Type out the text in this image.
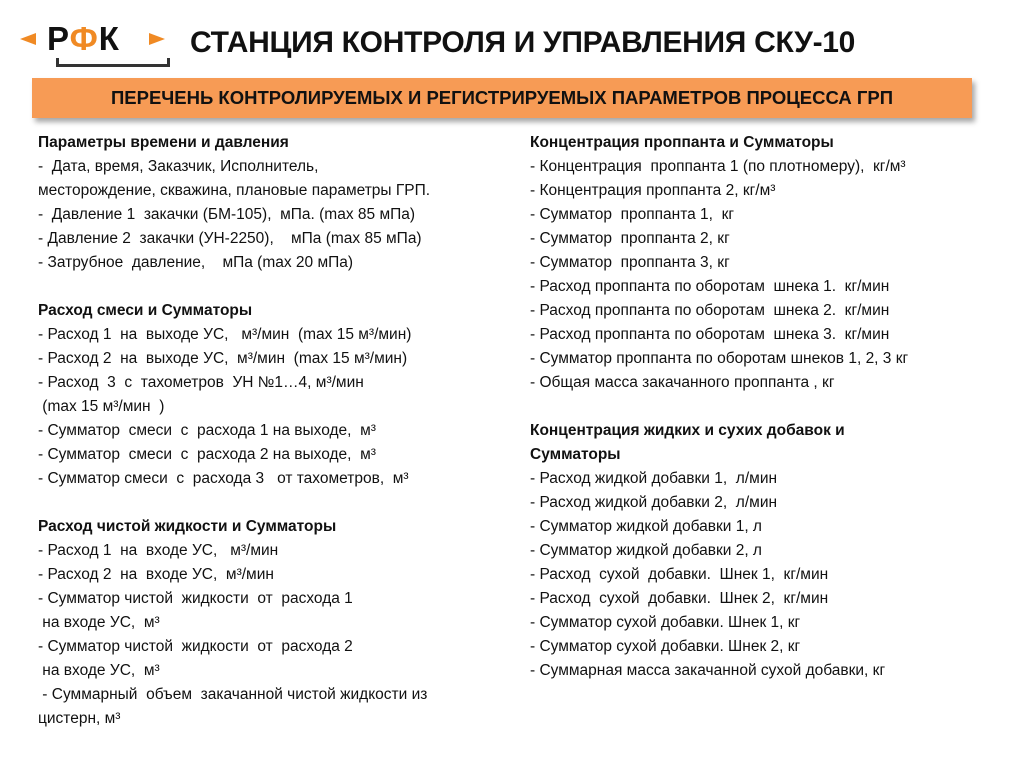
РФК СТАНЦИЯ КОНТРОЛЯ И УПРАВЛЕНИЯ СКУ-10
ПЕРЕЧЕНЬ КОНТРОЛИРУЕМЫХ И РЕГИСТРИРУЕМЫХ ПАРАМЕТРОВ ПРОЦЕССА ГРП
Параметры времени и давления
-  Дата, время, Заказчик, Исполнитель,
месторождение, скважина, плановые параметры ГРП.
-  Давление 1  закачки (БМ-105),  мПа. (max 85 мПа)
- Давление 2  закачки (УН-2250),    мПа (max 85 мПа)
- Затрубное  давление,    мПа (max 20 мПа)
Расход смеси и Сумматоры
- Расход 1  на  выходе УС,   м³/мин  (max 15 м³/мин)
- Расход 2  на  выходе УС,  м³/мин  (max 15 м³/мин)
- Расход  3  с  тахометров  УН №1…4, м³/мин
(max 15 м³/мин  )
- Сумматор  смеси  с  расхода 1 на выходе,  м³
- Сумматор  смеси  с  расхода 2 на выходе,  м³
- Сумматор смеси  с  расхода 3   от тахометров,  м³
Расход чистой жидкости и Сумматоры
- Расход 1  на  входе УС,   м³/мин
- Расход 2  на  входе УС,  м³/мин
- Сумматор чистой  жидкости  от  расхода 1
на входе УС,  м³
- Сумматор чистой  жидкости  от  расхода 2
на входе УС,  м³
- Суммарный  объем  закачанной чистой жидкости из
цистерн, м³
Концентрация проппанта и Сумматоры
- Концентрация  проппанта 1 (по плотномеру),  кг/м³
- Концентрация проппанта 2, кг/м³
- Сумматор  проппанта 1,  кг
- Сумматор  проппанта 2, кг
- Сумматор  проппанта 3, кг
- Расход проппанта по оборотам  шнека 1.  кг/мин
- Расход проппанта по оборотам  шнека 2.  кг/мин
- Расход проппанта по оборотам  шнека 3.  кг/мин
- Сумматор проппанта по оборотам шнеков 1, 2, 3 кг
- Общая масса закачанного проппанта , кг
Концентрация жидких и сухих добавок и Сумматоры
- Расход жидкой добавки 1,  л/мин
- Расход жидкой добавки 2,  л/мин
- Сумматор жидкой добавки 1, л
- Сумматор жидкой добавки 2, л
- Расход  сухой  добавки.  Шнек 1,  кг/мин
- Расход  сухой  добавки.  Шнек 2,  кг/мин
- Сумматор сухой добавки. Шнек 1, кг
- Сумматор сухой добавки. Шнек 2, кг
- Суммарная масса закачанной сухой добавки, кг
